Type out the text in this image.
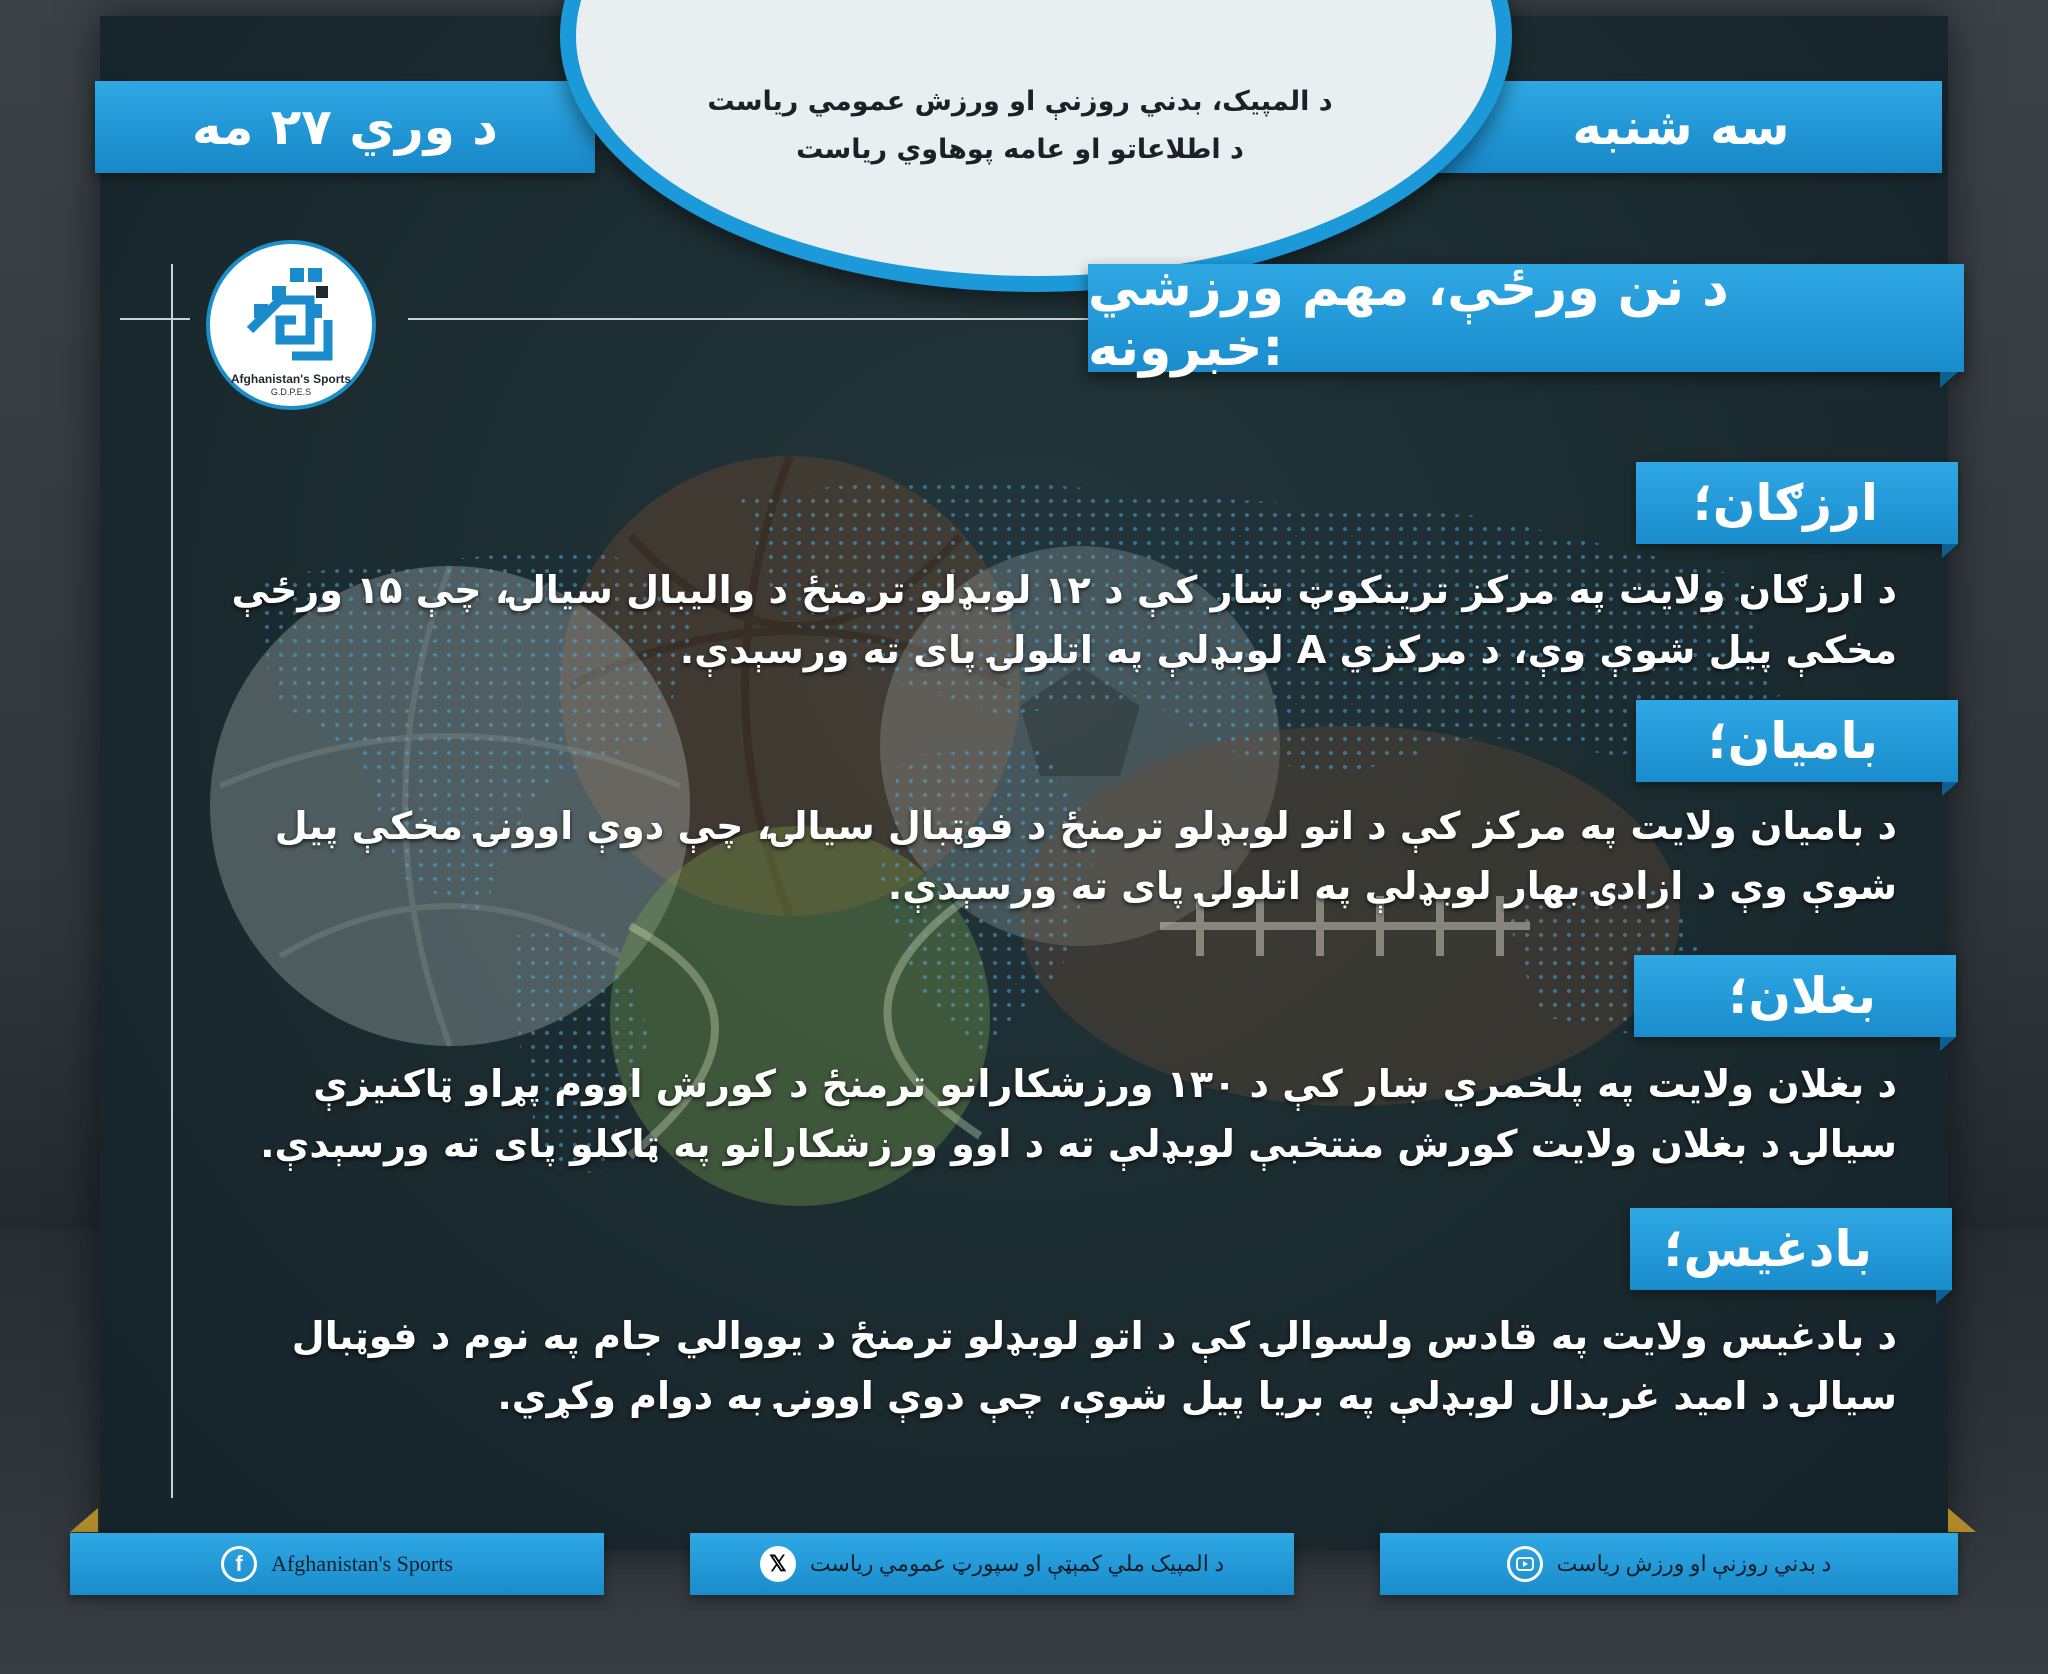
د وري ۲۷ مه	سه شنبه
د المپیک، بدني روزنې او ورزش عمومي ریاست
د اطلاعاتو او عامه پوهاوي ریاست
Afghanistan's Sports
G.D.P.E.S
د نن ورځې، مهم ورزشي خبرونه:
ارزګان؛
د ارزګان ولایت په مرکز ترینکوټ ښار کې د ۱۲ لوبډلو ترمنځ د والیبال سیالۍ، چې ۱۵ ورځې مخکې پیل شوې وې، د مرکزي A لوبډلې په اتلولۍ پای ته ورسېدې.
بامیان؛
د بامیان ولایت په مرکز کې د اتو لوبډلو ترمنځ د فوټبال سیالۍ، چې دوې اوونۍ مخکې پیل شوې وې د ازادۍ بهار لوبډلې په اتلولۍ پای ته ورسېدې.
بغلان؛
د بغلان ولایت په پلخمري ښار کې د ۱۳۰ ورزشکارانو ترمنځ د کورش اووم پړاو ټاکنیزې سیالۍ د بغلان ولایت کورش منتخبې لوبډلې ته د اوو ورزشکارانو په ټاکلو پای ته ورسېدې.
بادغیس؛
د بادغیس ولایت په قادس ولسوالۍ کې د اتو لوبډلو ترمنځ د یووالي جام په نوم د فوټبال سیالۍ د امید غربدال لوبډلې په بریا پیل شوې، چې دوې اوونۍ به دوام وکړي.
f	Afghanistan's Sports	𝕏	د المپیک ملي کمېټې او سپورټ عمومي ریاست	د بدني روزنې او ورزش ریاست
